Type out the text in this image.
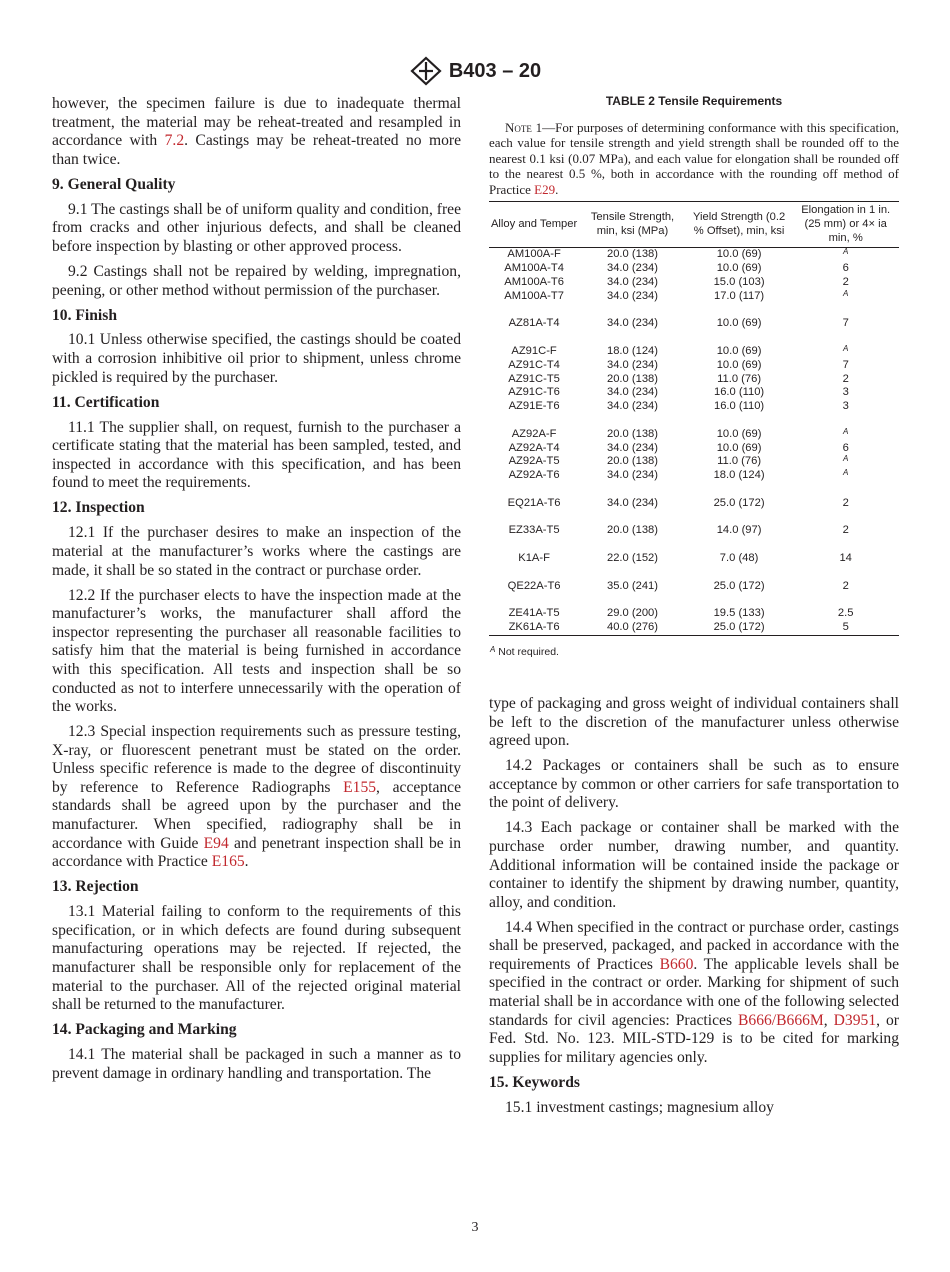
B403 – 20

however, the specimen failure is due to inadequate thermal treatment, the material may be reheat-treated and resampled in accordance with 7.2. Castings may be reheat-treated no more than twice.

9. General Quality

9.1 The castings shall be of uniform quality and condition, free from cracks and other injurious defects, and shall be cleaned before inspection by blasting or other approved process.

9.2 Castings shall not be repaired by welding, impregnation, peening, or other method without permission of the purchaser.

10. Finish

10.1 Unless otherwise specified, the castings should be coated with a corrosion inhibitive oil prior to shipment, unless chrome pickled is required by the purchaser.

11. Certification

11.1 The supplier shall, on request, furnish to the purchaser a certificate stating that the material has been sampled, tested, and inspected in accordance with this specification, and has been found to meet the requirements.

12. Inspection

12.1 If the purchaser desires to make an inspection of the material at the manufacturer’s works where the castings are made, it shall be so stated in the contract or purchase order.

12.2 If the purchaser elects to have the inspection made at the manufacturer’s works, the manufacturer shall afford the inspector representing the purchaser all reasonable facilities to satisfy him that the material is being furnished in accordance with this specification. All tests and inspection shall be so conducted as not to interfere unnecessarily with the operation of the works.

12.3 Special inspection requirements such as pressure testing, X-ray, or fluorescent penetrant must be stated on the order. Unless specific reference is made to the degree of discontinuity by reference to Reference Radiographs E155, acceptance standards shall be agreed upon by the purchaser and the manufacturer. When specified, radiography shall be in accordance with Guide E94 and penetrant inspection shall be in accordance with Practice E165.

13. Rejection

13.1 Material failing to conform to the requirements of this specification, or in which defects are found during subsequent manufacturing operations may be rejected. If rejected, the manufacturer shall be responsible only for replacement of the material to the purchaser. All of the rejected original material shall be returned to the manufacturer.

14. Packaging and Marking

14.1 The material shall be packaged in such a manner as to prevent damage in ordinary handling and transportation. The

TABLE 2 Tensile Requirements
Note 1—For purposes of determining conformance with this specification, each value for tensile strength and yield strength shall be rounded off to the nearest 0.1 ksi (0.07 MPa), and each value for elongation shall be rounded off to the nearest 0.5 %, both in accordance with the rounding off method of Practice E29.
Alloy and Temper	Tensile Strength, min, ksi (MPa)	Yield Strength (0.2 % Offset), min, ksi	Elongation in 1 in. (25 mm) or 4× ia min, %
AM100A-F	20.0 (138)	10.0 (69)	$^A$
AM100A-T4	34.0 (234)	10.0 (69)	6
AM100A-T6	34.0 (234)	15.0 (103)	2
AM100A-T7	34.0 (234)	17.0 (117)	$^A$

AZ81A-T4	34.0 (234)	10.0 (69)	7

AZ91C-F	18.0 (124)	10.0 (69)	$^A$
AZ91C-T4	34.0 (234)	10.0 (69)	7
AZ91C-T5	20.0 (138)	11.0 (76)	2
AZ91C-T6	34.0 (234)	16.0 (110)	3
AZ91E-T6	34.0 (234)	16.0 (110)	3

AZ92A-F	20.0 (138)	10.0 (69)	$^A$
AZ92A-T4	34.0 (234)	10.0 (69)	6
AZ92A-T5	20.0 (138)	11.0 (76)	$^A$
AZ92A-T6	34.0 (234)	18.0 (124)	$^A$

EQ21A-T6	34.0 (234)	25.0 (172)	2

EZ33A-T5	20.0 (138)	14.0 (97)	2

K1A-F	22.0 (152)	7.0 (48)	14

QE22A-T6	35.0 (241)	25.0 (172)	2

ZE41A-T5	29.0 (200)	19.5 (133)	2.5
ZK61A-T6	40.0 (276)	25.0 (172)	5
$^A$ Not required.

type of packaging and gross weight of individual containers shall be left to the discretion of the manufacturer unless otherwise agreed upon.

14.2 Packages or containers shall be such as to ensure acceptance by common or other carriers for safe transportation to the point of delivery.

14.3 Each package or container shall be marked with the purchase order number, drawing number, and quantity. Additional information will be contained inside the package or container to identify the shipment by drawing number, quantity, alloy, and condition.

14.4 When specified in the contract or purchase order, castings shall be preserved, packaged, and packed in accordance with the requirements of Practices B660. The applicable levels shall be specified in the contract or order. Marking for shipment of such material shall be in accordance with one of the following selected standards for civil agencies: Practices B666/B666M, D3951, or Fed. Std. No. 123. MIL-STD-129 is to be cited for marking supplies for military agencies only.

15. Keywords

15.1 investment castings; magnesium alloy

3
